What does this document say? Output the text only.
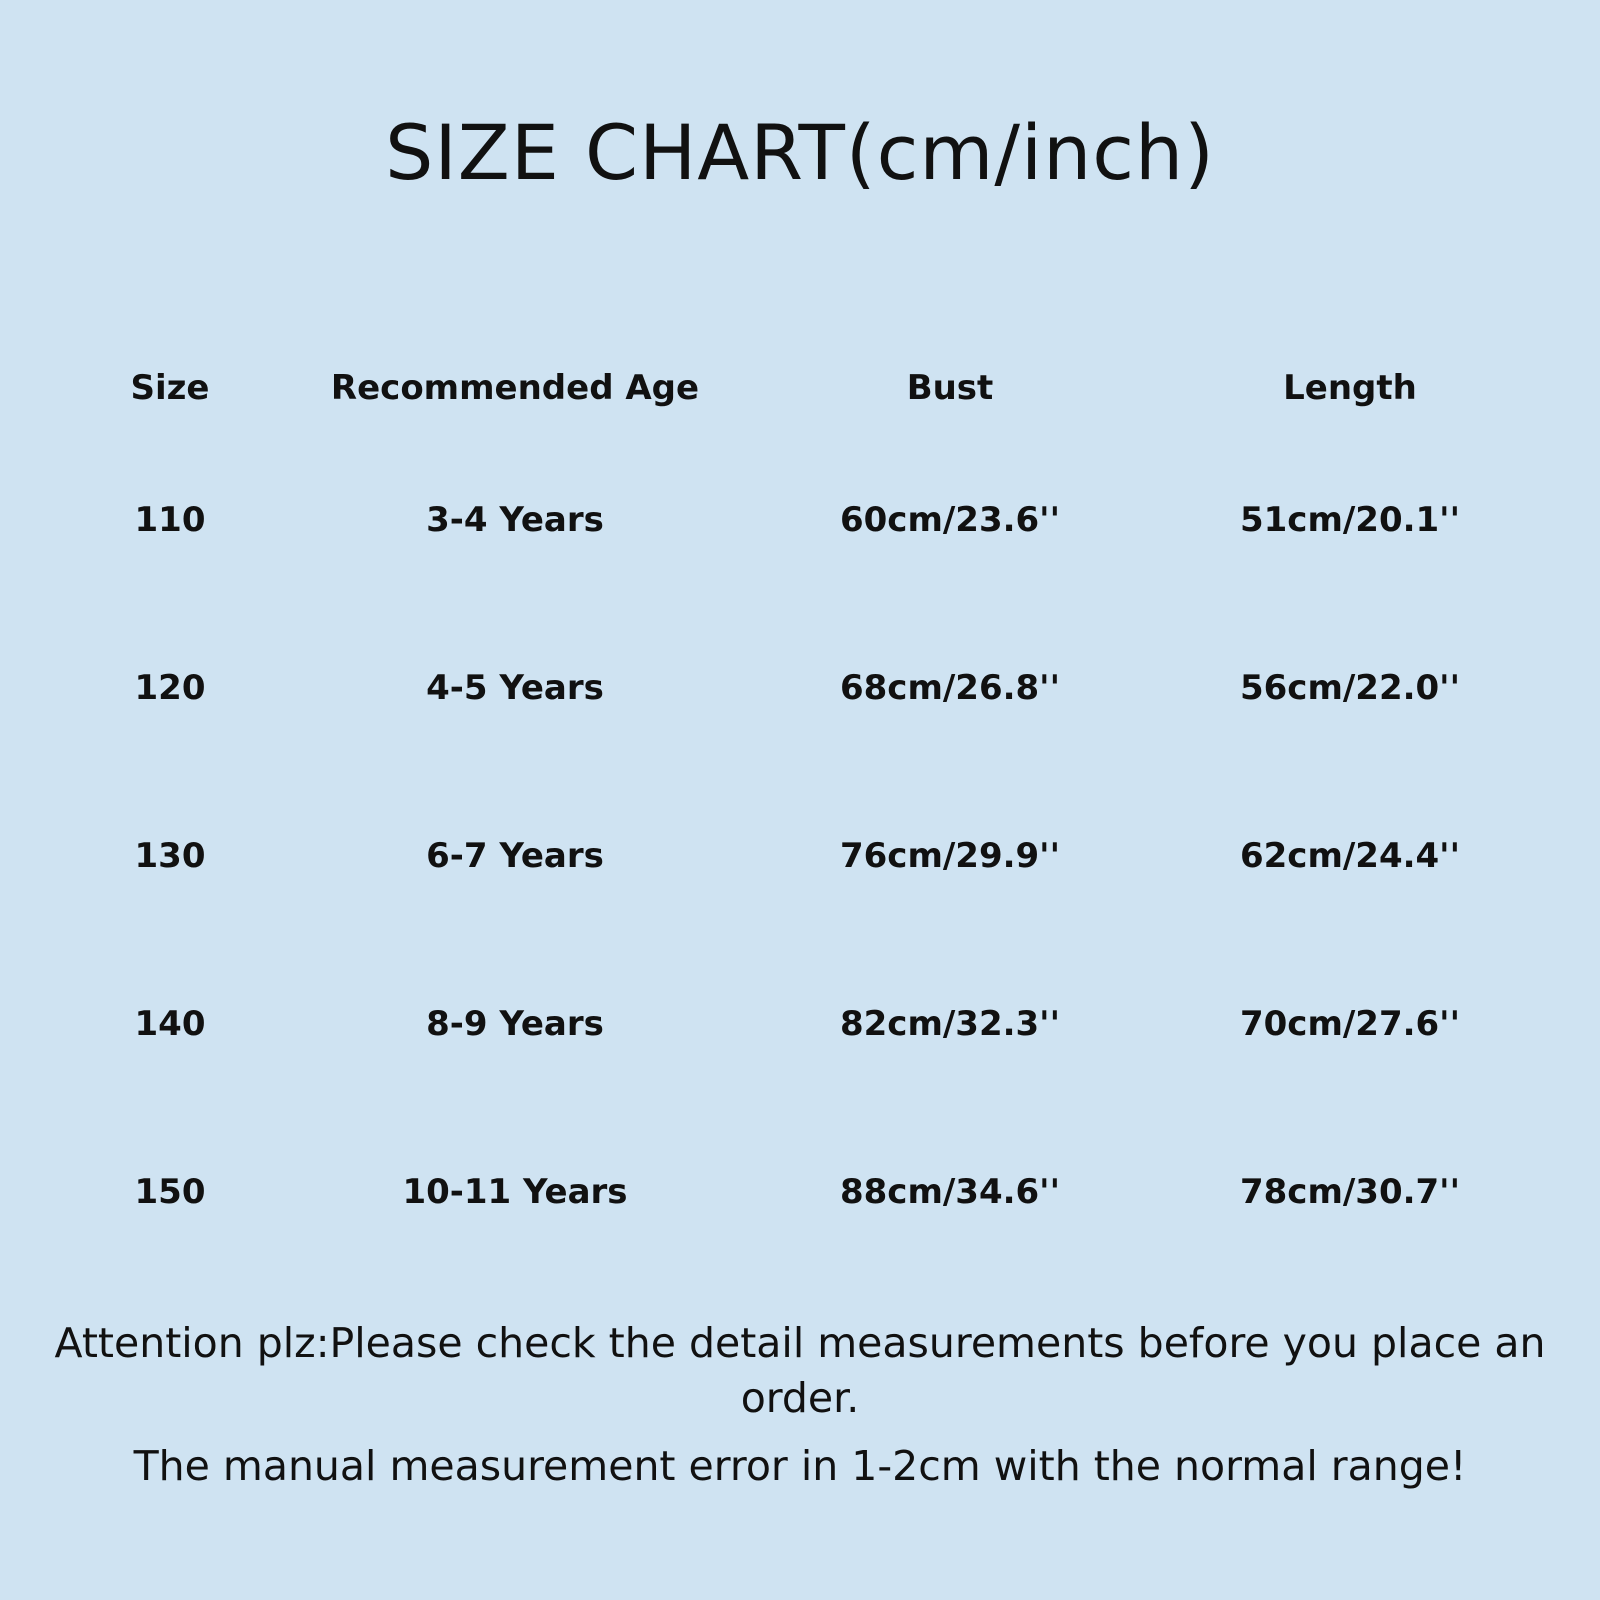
SIZE CHART(cm/inch)
Size	Recommended Age	Bust	Length
110	3-4 Years	60cm/23.6''	51cm/20.1''
120	4-5 Years	68cm/26.8''	56cm/22.0''
130	6-7 Years	76cm/29.9''	62cm/24.4''
140	8-9 Years	82cm/32.3''	70cm/27.6''
150	10-11 Years	88cm/34.6''	78cm/30.7''
Attention plz:Please check the detail measurements before you place an order.
The manual measurement error in 1-2cm with the normal range!
